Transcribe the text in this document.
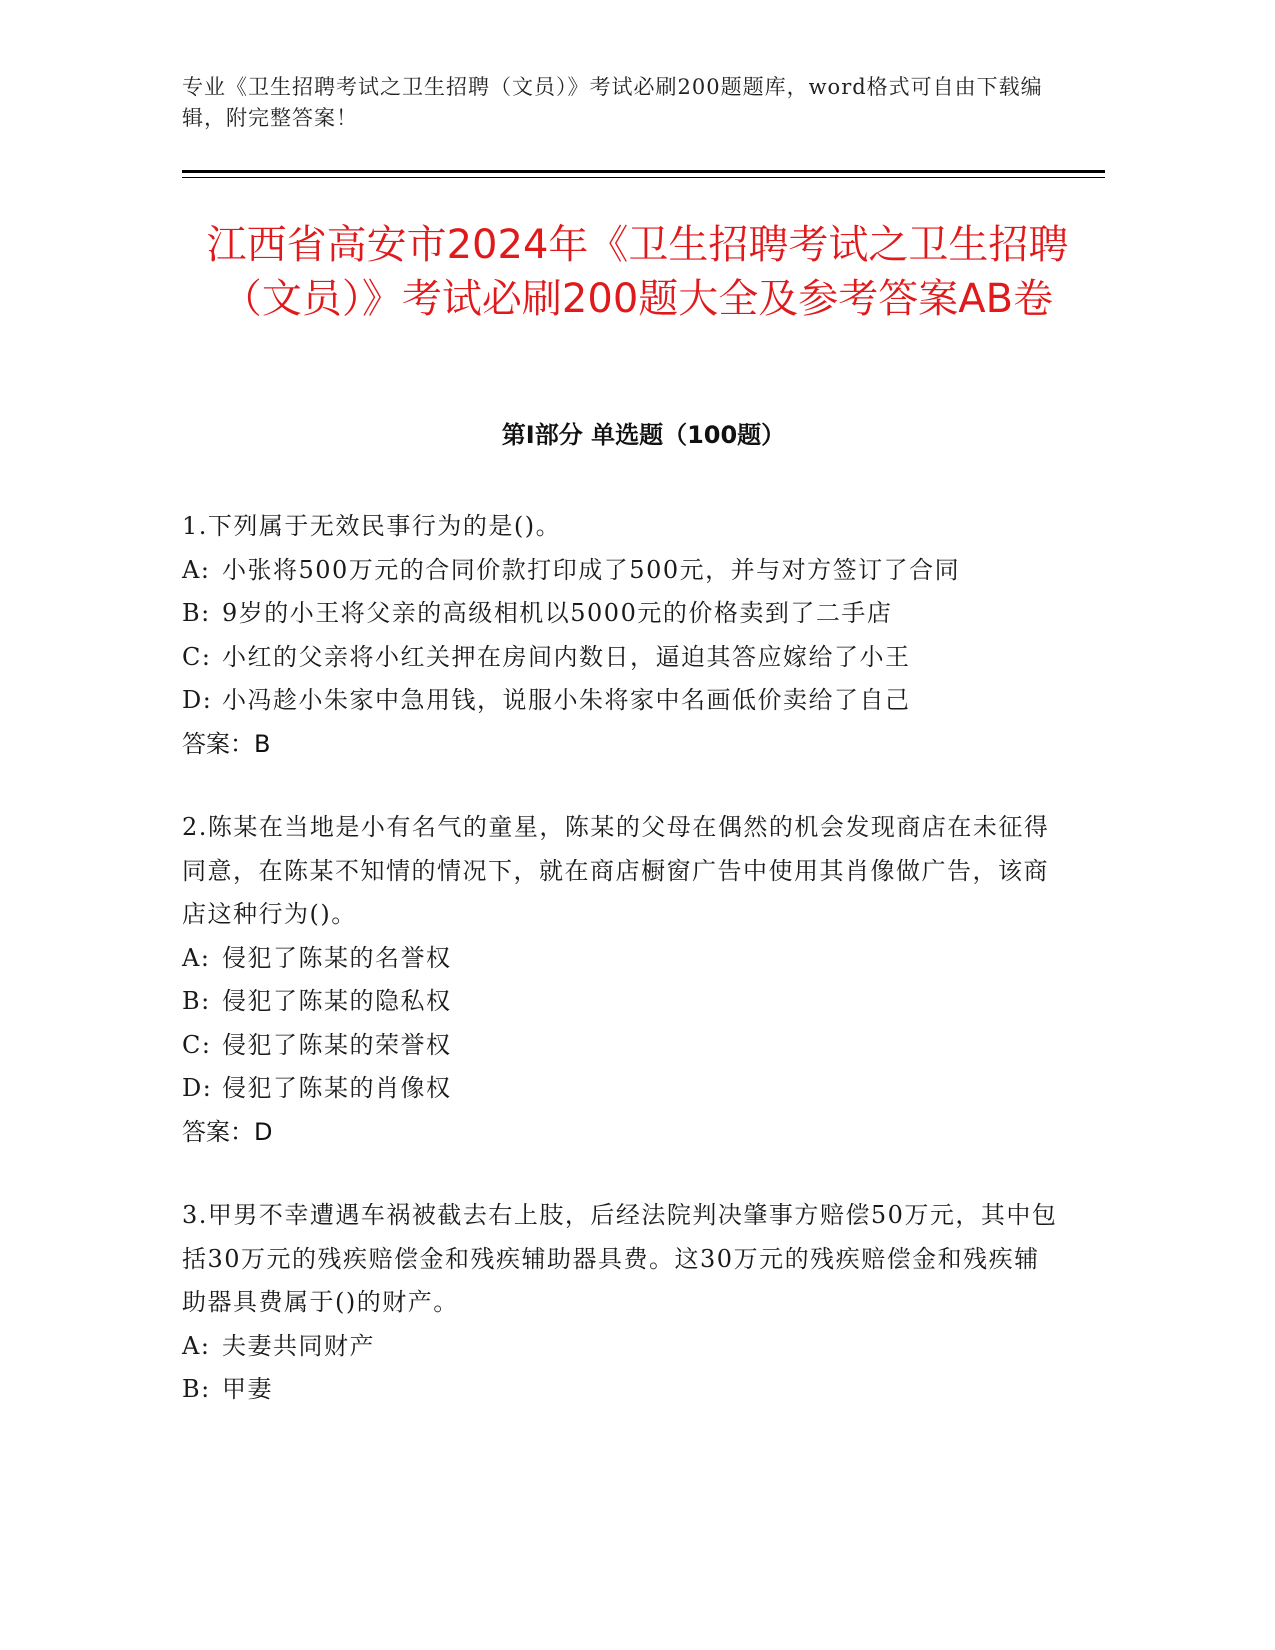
专业《卫生招聘考试之卫生招聘（文员）》考试必刷200题题库，word格式可自由下载编辑，附完整答案！
江西省高安市2024年《卫生招聘考试之卫生招聘（文员）》考试必刷200题大全及参考答案AB卷
第Ⅰ部分 单选题（100题）

1.下列属于无效民事行为的是()。

A: 小张将500万元的合同价款打印成了500元，并与对方签订了合同

B: 9岁的小王将父亲的高级相机以5000元的价格卖到了二手店

C: 小红的父亲将小红关押在房间内数日，逼迫其答应嫁给了小王

D: 小冯趁小朱家中急用钱，说服小朱将家中名画低价卖给了自己

答案：B

2.陈某在当地是小有名气的童星，陈某的父母在偶然的机会发现商店在未征得同意，在陈某不知情的情况下，就在商店橱窗广告中使用其肖像做广告，该商店这种行为()。

A: 侵犯了陈某的名誉权

B: 侵犯了陈某的隐私权

C: 侵犯了陈某的荣誉权

D: 侵犯了陈某的肖像权

答案：D

3.甲男不幸遭遇车祸被截去右上肢，后经法院判决肇事方赔偿50万元，其中包括30万元的残疾赔偿金和残疾辅助器具费。这30万元的残疾赔偿金和残疾辅助器具费属于()的财产。

A: 夫妻共同财产

B: 甲妻
